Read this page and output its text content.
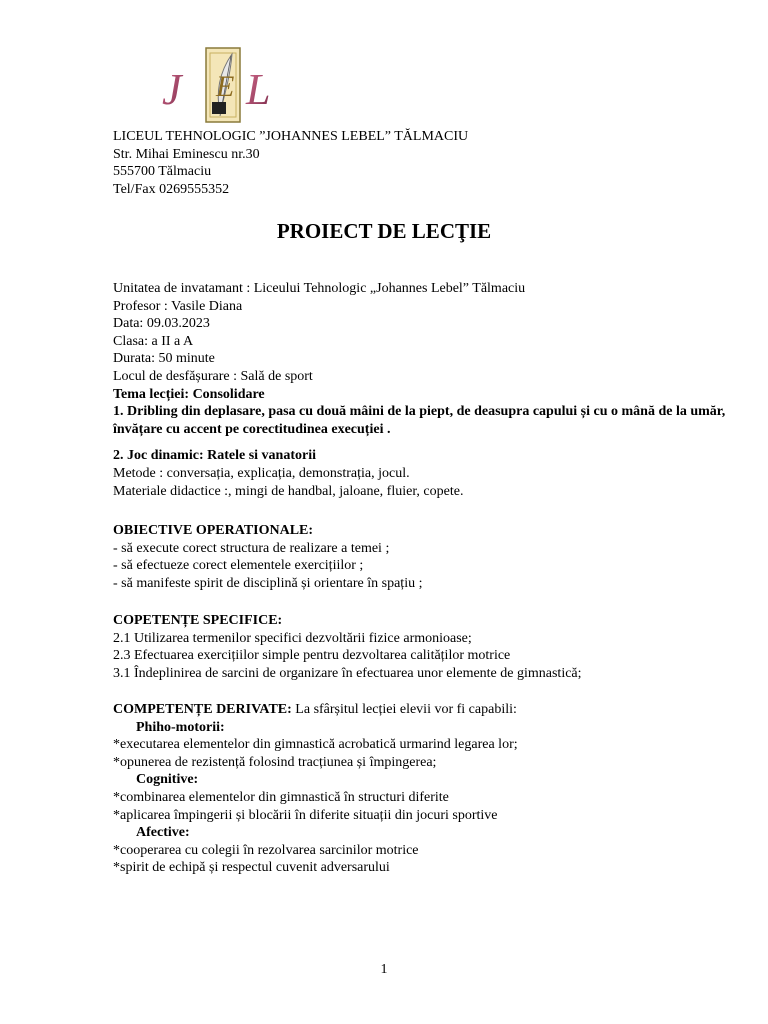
E
J L
LICEUL TEHNOLOGIC ”JOHANNES LEBEL” TĂLMACIU
Str. Mihai Eminescu nr.30
555700 Tălmaciu
Tel/Fax 0269555352
PROIECT DE LECŢIE
Unitatea de invatamant : Liceului Tehnologic „Johannes Lebel” Tălmaciu
Profesor : Vasile Diana
Data: 09.03.2023
Clasa: a II a A
Durata: 50 minute
Locul de desfășurare : Sală de sport
Tema lecției: Consolidare
1. Dribling din deplasare, pasa cu două mâini de la piept, de deasupra capului și cu o mână de la umăr, învățare cu accent pe corectitudinea execuției .
2. Joc dinamic: Ratele si vanatorii
Metode : conversația, explicația, demonstrația, jocul.
Materiale didactice :, mingi de handbal, jaloane, fluier, copete.
OBIECTIVE OPERATIONALE:
- să execute corect structura de realizare a temei ;
- să efectueze corect elementele exercițiilor ;
- să manifeste spirit de disciplină și orientare în spațiu ;
COPETENȚE SPECIFICE:
2.1 Utilizarea termenilor specifici dezvoltării fizice armonioase;
2.3 Efectuarea exercițiilor simple pentru dezvoltarea calităților motrice
3.1 Îndeplinirea de sarcini de organizare în efectuarea unor elemente de gimnastică;
COMPETENȚE DERIVATE: La sfârșitul lecției elevii vor fi capabili:
Phiho-motorii:
*executarea elementelor din gimnastică acrobatică urmarind legarea lor;
*opunerea de rezistență folosind tracțiunea și împingerea;
Cognitive:
*combinarea elementelor din gimnastică în structuri diferite
*aplicarea împingerii și blocării în diferite situații din jocuri sportive
Afective:
*cooperarea cu colegii în rezolvarea sarcinilor motrice
*spirit de echipă și respectul cuvenit adversarului
1
